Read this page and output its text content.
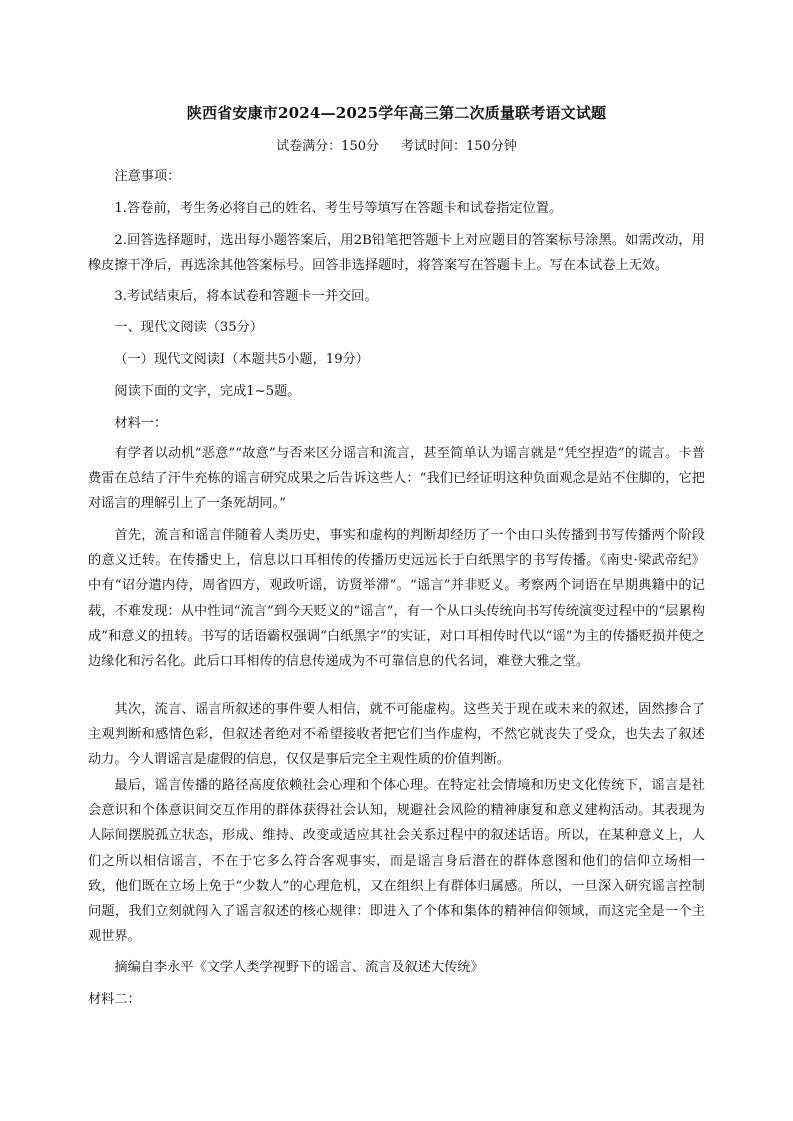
陕西省安康市2024—2025学年高三第二次质量联考语文试题
试卷满分：150分 考试时间：150分钟

注意事项：

1.答卷前，考生务必将自己的姓名、考生号等填写在答题卡和试卷指定位置。

2.回答选择题时，选出每小题答案后，用2B铅笔把答题卡上对应题目的答案标号涂黑。如需改动，用橡皮擦干净后，再选涂其他答案标号。回答非选择题时，将答案写在答题卡上。写在本试卷上无效。

3.考试结束后，将本试卷和答题卡一并交回。

一、现代文阅读（35分）

（一）现代文阅读Ⅰ（本题共5小题，19分）

阅读下面的文字，完成1~5题。

材料一：

有学者以动机“恶意”“故意”与否来区分谣言和流言，甚至简单认为谣言就是“凭空捏造”的谎言。卡普费雷在总结了汗牛充栋的谣言研究成果之后告诉这些人：“我们已经证明这种负面观念是站不住脚的，它把对谣言的理解引上了一条死胡同。”

首先，流言和谣言伴随着人类历史，事实和虚构的判断却经历了一个由口头传播到书写传播两个阶段的意义迁转。在传播史上，信息以口耳相传的传播历史远远长于白纸黑字的书写传播。《南史·梁武帝纪》中有“诏分遣内侍，周省四方，观政听谣，访贤举滞”。“谣言”并非贬义。考察两个词语在早期典籍中的记载，不难发现：从中性词“流言”到今天贬义的“谣言”，有一个从口头传统向书写传统演变过程中的“层累构成”和意义的扭转。书写的话语霸权强调“白纸黑字”的实证，对口耳相传时代以“谣”为主的传播贬损并使之边缘化和污名化。此后口耳相传的信息传递成为不可靠信息的代名词，难登大雅之堂。

其次，流言、谣言所叙述的事件要人相信，就不可能虚构。这些关于现在或未来的叙述，固然掺合了主观判断和感情色彩，但叙述者绝对不希望接收者把它们当作虚构，不然它就丧失了受众，也失去了叙述动力。今人谓谣言是虚假的信息，仅仅是事后完全主观性质的价值判断。

最后，谣言传播的路径高度依赖社会心理和个体心理。在特定社会情境和历史文化传统下，谣言是社会意识和个体意识间交互作用的群体获得社会认知，规避社会风险的精神康复和意义建构活动。其表现为人际间摆脱孤立状态，形成、维持、改变或适应其社会关系过程中的叙述话语。所以，在某种意义上，人们之所以相信谣言，不在于它多么符合客观事实，而是谣言身后潜在的群体意图和他们的信仰立场相一致，他们既在立场上免于“少数人”的心理危机，又在组织上有群体归属感。所以，一旦深入研究谣言控制问题，我们立刻就闯入了谣言叙述的核心规律：即进入了个体和集体的精神信仰领域，而这完全是一个主观世界。

摘编自李永平《文学人类学视野下的谣言、流言及叙述大传统》

材料二：
